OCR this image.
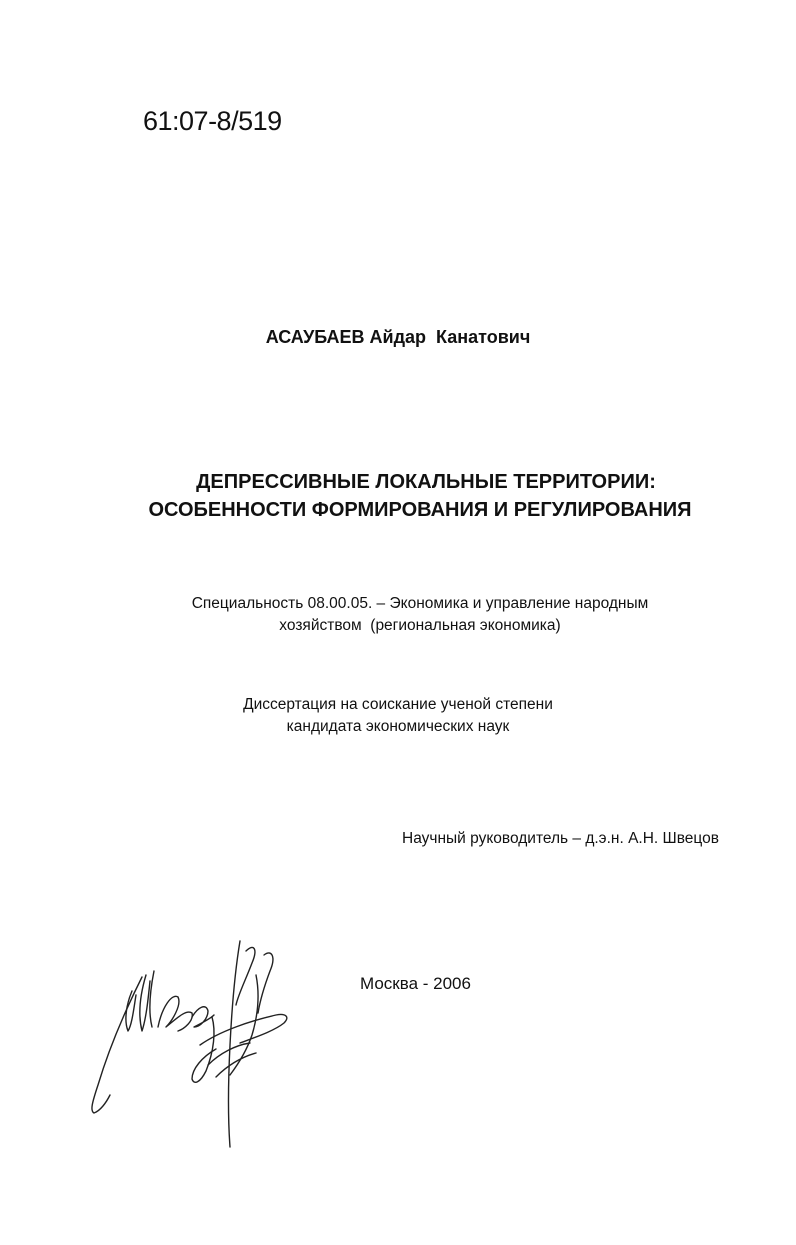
61:07-8/519
АСАУБАЕВ Айдар  Канатович
ДЕПРЕССИВНЫЕ ЛОКАЛЬНЫЕ ТЕРРИТОРИИ:
ОСОБЕННОСТИ ФОРМИРОВАНИЯ И РЕГУЛИРОВАНИЯ
Специальность 08.00.05. – Экономика и управление народным
хозяйством  (региональная экономика)
Диссертация на соискание ученой степени
кандидата экономических наук
Научный руководитель – д.э.н. А.Н. Швецов
Москва - 2006
